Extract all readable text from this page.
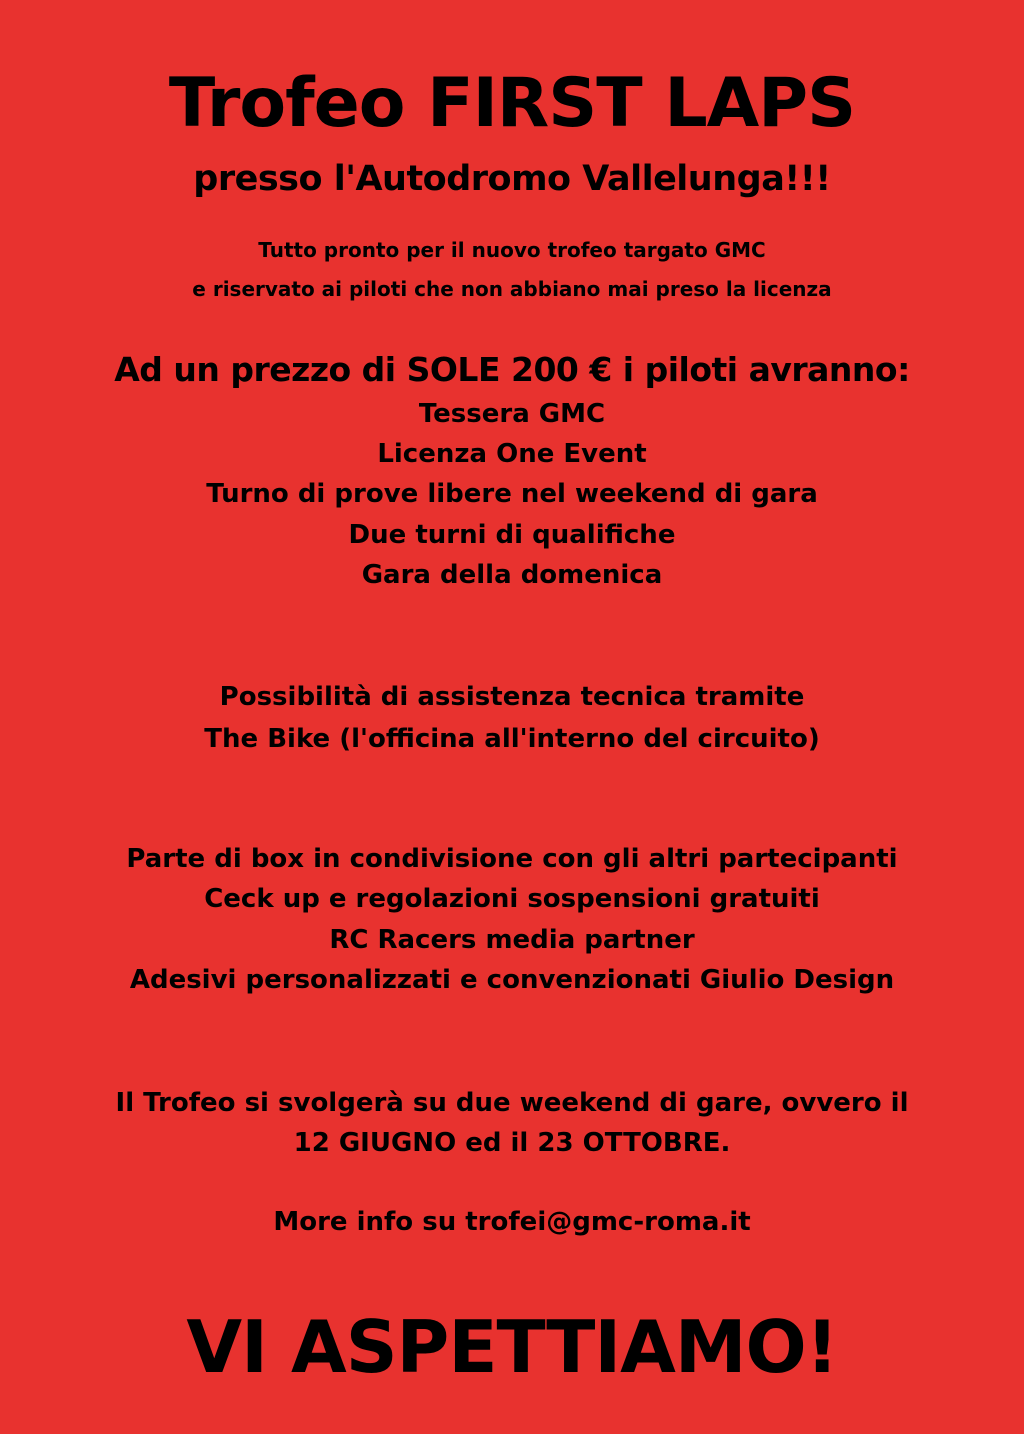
Trofeo FIRST LAPS
presso l'Autodromo Vallelunga!!!
Tutto pronto per il nuovo trofeo targato GMC
e riservato ai piloti che non abbiano mai preso la licenza
Ad un prezzo di SOLE 200 € i piloti avranno:
Tessera GMC
Licenza One Event
Turno di prove libere nel weekend di gara
Due turni di qualifiche
Gara della domenica
Possibilità di assistenza tecnica tramite
The Bike (l'officina all'interno del circuito)
Parte di box in condivisione con gli altri partecipanti
Ceck up e regolazioni sospensioni gratuiti
RC Racers media partner
Adesivi personalizzati e convenzionati Giulio Design
Il Trofeo si svolgerà su due weekend di gare, ovvero il
12 GIUGNO ed il 23 OTTOBRE.
More info su trofei@gmc-roma.it
VI ASPETTIAMO!
